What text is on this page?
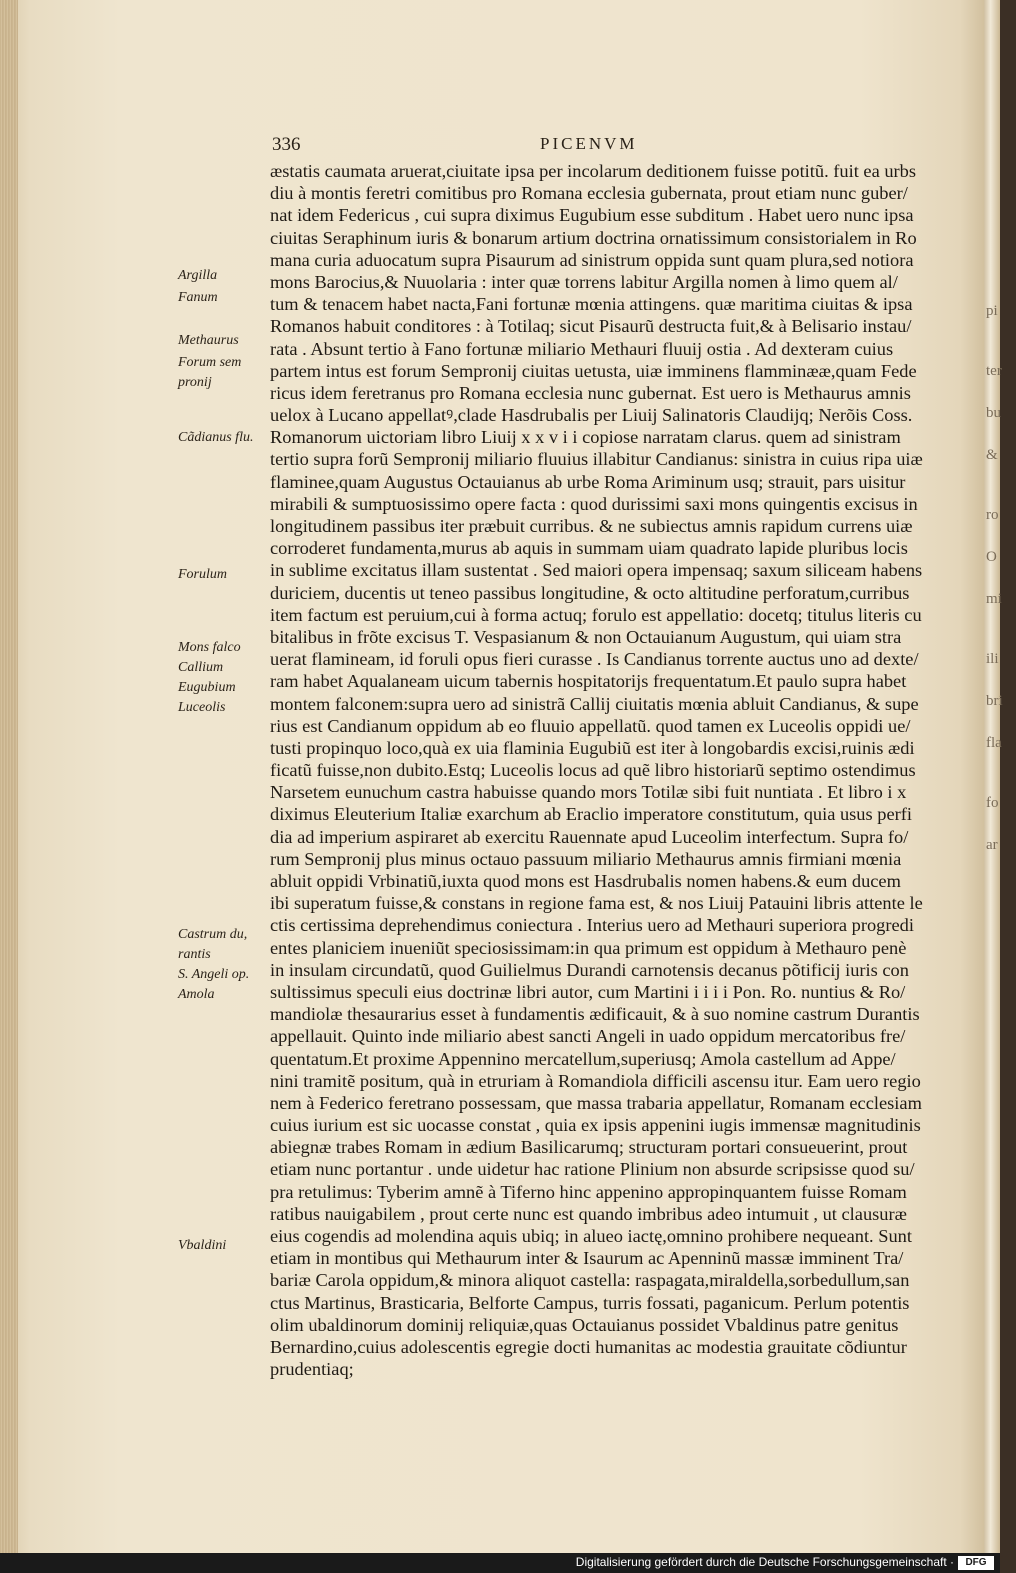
pi
ter
bu
&
ro
O
mi
ili
bri
fla
fo
ar
336	PICENVM
Argilla
Fanum
Methaurus
Forum sem
pronij
Cãdianus flu.
Forulum
Mons falco
Callium
Eugubium
Luceolis
Castrum du,
rantis
S. Angeli op.
Amola
Vbaldini
æstatis caumata aruerat,ciuitate ipsa per incolarum deditionem fuisse potitũ. fuit ea urbs
diu à montis feretri comitibus pro Romana ecclesia gubernata, prout etiam nunc guber/
nat idem Federicus , cui supra diximus Eugubium esse subditum . Habet uero nunc ipsa
ciuitas Seraphinum iuris & bonarum artium doctrina ornatissimum consistorialem in Ro
mana curia aduocatum supra Pisaurum ad sinistrum oppida sunt quam plura,sed notiora
mons Barocius,& Nuuolaria : inter quæ torrens labitur Argilla nomen à limo quem al/
tum & tenacem habet nacta,Fani fortunæ mœnia attingens. quæ maritima ciuitas & ipsa
Romanos habuit conditores : à Totilaq; sicut Pisaurũ destructa fuit,& à Belisario instau/
rata . Absunt tertio à Fano fortunæ miliario Methauri fluuij ostia . Ad dexteram cuius
partem intus est forum Sempronij ciuitas uetusta, uiæ imminens flamminææ,quam Fede
ricus idem feretranus pro Romana ecclesia nunc gubernat. Est uero is Methaurus amnis
uelox à Lucano appellatꝰ,clade Hasdrubalis per Liuij Salinatoris Claudijq; Nerõis Coss.
Romanorum uictoriam libro Liuij x x v i i copiose narratam clarus. quem ad sinistram
tertio supra forũ Sempronij miliario fluuius illabitur Candianus: sinistra in cuius ripa uiæ
flaminee,quam Augustus Octauianus ab urbe Roma Ariminum usq; strauit, pars uisitur
mirabili & sumptuosissimo opere facta : quod durissimi saxi mons quingentis excisus in
longitudinem passibus iter præbuit curribus. & ne subiectus amnis rapidum currens uiæ
corroderet fundamenta,murus ab aquis in summam uiam quadrato lapide pluribus locis
in sublime excitatus illam sustentat . Sed maiori opera impensaq; saxum siliceam habens
duriciem, ducentis ut teneo passibus longitudine, & octo altitudine perforatum,curribus
item factum est peruium,cui à forma actuq; forulo est appellatio: docetq; titulus literis cu
bitalibus in frõte excisus T. Vespasianum & non Octauianum Augustum, qui uiam stra
uerat flamineam, id foruli opus fieri curasse . Is Candianus torrente auctus uno ad dexte/
ram habet Aqualaneam uicum tabernis hospitatorijs frequentatum.Et paulo supra habet
montem falconem:supra uero ad sinistrã Callij ciuitatis mœnia abluit Candianus, & supe
rius est Candianum oppidum ab eo fluuio appellatũ. quod tamen ex Luceolis oppidi ue/
tusti propinquo loco,quà ex uia flaminia Eugubiũ est iter à longobardis excisi,ruinis ædi
ficatũ fuisse,non dubito.Estq; Luceolis locus ad quẽ libro historiarũ septimo ostendimus
Narsetem eunuchum castra habuisse quando mors Totilæ sibi fuit nuntiata . Et libro i x
diximus Eleuterium Italiæ exarchum ab Eraclio imperatore constitutum, quia usus perfi
dia ad imperium aspiraret ab exercitu Rauennate apud Luceolim interfectum. Supra fo/
rum Sempronij plus minus octauo passuum miliario Methaurus amnis firmiani mœnia
abluit oppidi Vrbinatiũ,iuxta quod mons est Hasdrubalis nomen habens.& eum ducem
ibi superatum fuisse,& constans in regione fama est, & nos Liuij Patauini libris attente le
ctis certissima deprehendimus coniectura . Interius uero ad Methauri superiora progredi
entes planiciem inueniũt speciosissimam:in qua primum est oppidum à Methauro penè
in insulam circundatũ, quod Guilielmus Durandi carnotensis decanus põtificij iuris con
sultissimus speculi eius doctrinæ libri autor, cum Martini i i i i Pon. Ro. nuntius & Ro/
mandiolæ thesaurarius esset à fundamentis ædificauit, & à suo nomine castrum Durantis
appellauit. Quinto inde miliario abest sancti Angeli in uado oppidum mercatoribus fre/
quentatum.Et proxime Appennino mercatellum,superiusq; Amola castellum ad Appe/
nini tramitẽ positum, quà in etruriam à Romandiola difficili ascensu itur. Eam uero regio
nem à Federico feretrano possessam, que massa trabaria appellatur, Romanam ecclesiam
cuius iurium est sic uocasse constat , quia ex ipsis appenini iugis immensæ magnitudinis
abiegnæ trabes Romam in ædium Basilicarumq; structuram portari consueuerint, prout
etiam nunc portantur . unde uidetur hac ratione Plinium non absurde scripsisse quod su/
pra retulimus: Tyberim amnẽ à Tiferno hinc appenino appropinquantem fuisse Romam
ratibus nauigabilem , prout certe nunc est quando imbribus adeo intumuit , ut clausuræ
eius cogendis ad molendina aquis ubiq; in alueo iactę,omnino prohibere nequeant. Sunt
etiam in montibus qui Methaurum inter & Isaurum ac Apenninũ massæ imminent Tra/
bariæ Carola oppidum,& minora aliquot castella: raspagata,miraldella,sorbedullum,san
ctus Martinus, Brasticaria, Belforte Campus, turris fossati, paganicum. Perlum potentis
olim ubaldinorum dominij reliquiæ,quas Octauianus possidet Vbaldinus patre genitus
Bernardino,cuius adolescentis egregie docti humanitas ac modestia grauitate cõdiuntur
prudentiaq;
Digitalisierung gefördert durch die Deutsche Forschungsgemeinschaft ·	DFG
